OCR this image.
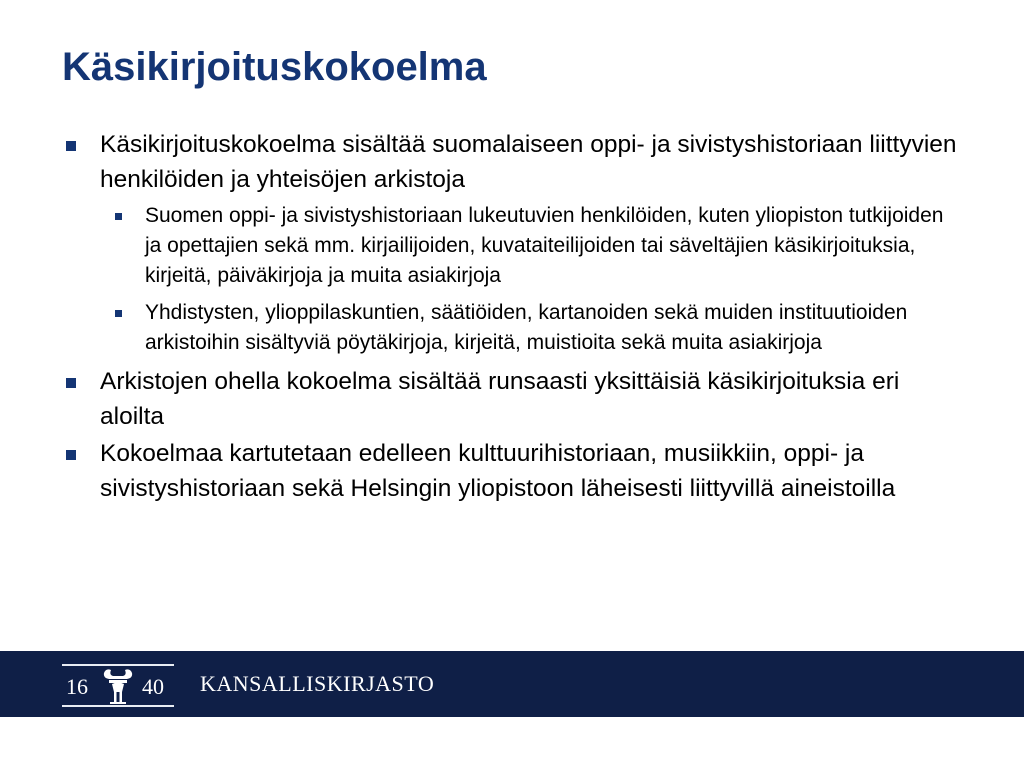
Käsikirjoituskokoelma
Käsikirjoituskokoelma sisältää suomalaiseen oppi- ja sivistyshistoriaan liittyvien henkilöiden ja yhteisöjen arkistoja
Suomen oppi- ja sivistyshistoriaan lukeutuvien henkilöiden, kuten yliopiston tutkijoiden ja opettajien sekä mm. kirjailijoiden, kuvataiteilijoiden tai säveltäjien käsikirjoituksia, kirjeitä, päiväkirjoja ja muita asiakirjoja
Yhdistysten, ylioppilaskuntien, säätiöiden, kartanoiden sekä muiden instituutioiden arkistoihin sisältyviä pöytäkirjoja, kirjeitä, muistioita sekä muita asiakirjoja
Arkistojen ohella kokoelma sisältää runsaasti yksittäisiä käsikirjoituksia eri aloilta
Kokoelmaa kartutetaan edelleen kulttuurihistoriaan, musiikkiin, oppi- ja sivistyshistoriaan sekä Helsingin yliopistoon läheisesti liittyvillä aineistoilla
16 40 KANSALLISKIRJASTO
